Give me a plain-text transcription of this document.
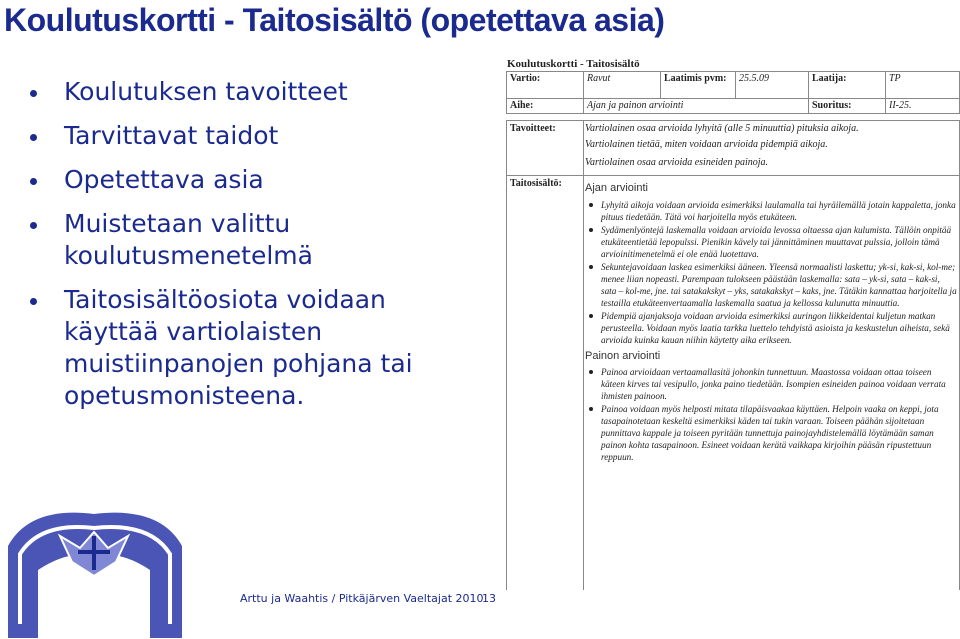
Koulutuskortti - Taitosisältö (opetettava asia)
Koulutuksen tavoitteet
Tarvittavat taidot
Opetettava asia
Muistetaan valittu koulutusmenetelmä
Taitosisältöosiota voidaan käyttää vartiolaisten muistiinpanojen pohjana tai opetusmonisteena.
Arttu ja Waahtis / Pitkäjärven Vaeltajat 2010
13
Koulutuskortti - Taitosisältö
Vartio:	Ravut	Laatimis pvm:	25.5.09	Laatija:	TP
Aihe:	Ajan ja painon arviointi			Suoritus:	II-25.
Tavoitteet:	Vartiolainen osaa arvioida lyhyitä (alle 5 minuuttia) pituksia aikoja.

Vartiolainen tietää, miten voidaan arvioida pidempiä aikoja.

Vartiolainen osaa arvioida esineiden painoja.

Taitosisältö: Ajan arviointi
Lyhyitä aikoja voidaan arvioida esimerkiksi laulamalla tai hyräilemällä jotain kappaletta, jonka pituus tiedetään. Tätä voi harjoitella myös etukäteen.
Sydämenlyöntejä laskemalla voidaan arvioida levossa oltaessa ajan kulumista. Tällöin onpitää etukäteentietää lepopulssi. Pienikin kävely tai jännittäminen muuttavat pulssia, jolloin tämä arvioinitimenetelmä ei ole enää luotettava.
Sekuntejavoidaan laskea esimerkiksi ääneen. Yleensä normaalisti laskettu; yk-si, kak-si, kol-me; menee liian nopeasti. Parempaan tulokseen päästään laskemalla: sata – yk-si, sata – kak-si, sata – kol-me, jne. tai satakakskyt – yks, satakakskyt – kaks, jne. Tätäkin kannattaa harjoitella ja testailla etukäteenvertaamalla laskemalla saatua ja kellossa kulunutta minuuttia.
Pidempiä ajanjaksoja voidaan arvioida esimerkiksi auringon liikkeidentai kuljetun matkan perusteella. Voidaan myös laatia tarkka luettelo tehdyistä asioista ja keskustelun aiheista, sekä arvioida kuinka kauan niihin käytetty aika erikseen.
Painon arviointi
Painoa arvioidaan vertaamallasitä johonkin tunnettuun. Maastossa voidaan ottaa toiseen käteen kirves tai vesipullo, jonka paino tiedetään. Isompien esineiden painoa voidaan verrata ihmisten painoon.
Painoa voidaan myös helposti mitata tilapäisvaakaa käyttäen. Helpoin vaaka on keppi, jota tasapainotetaan keskeltä esimerkiksi käden tai tukin varaan. Toiseen päähän sijoitetaan punnittava kappale ja toiseen pyritään tunnettuja painojayhdistelemällä löytämään saman painon kohta tasapainoon. Esineet voidaan kerätä vaikkapa kirjoihin pääsän ripustettuun reppuun.
